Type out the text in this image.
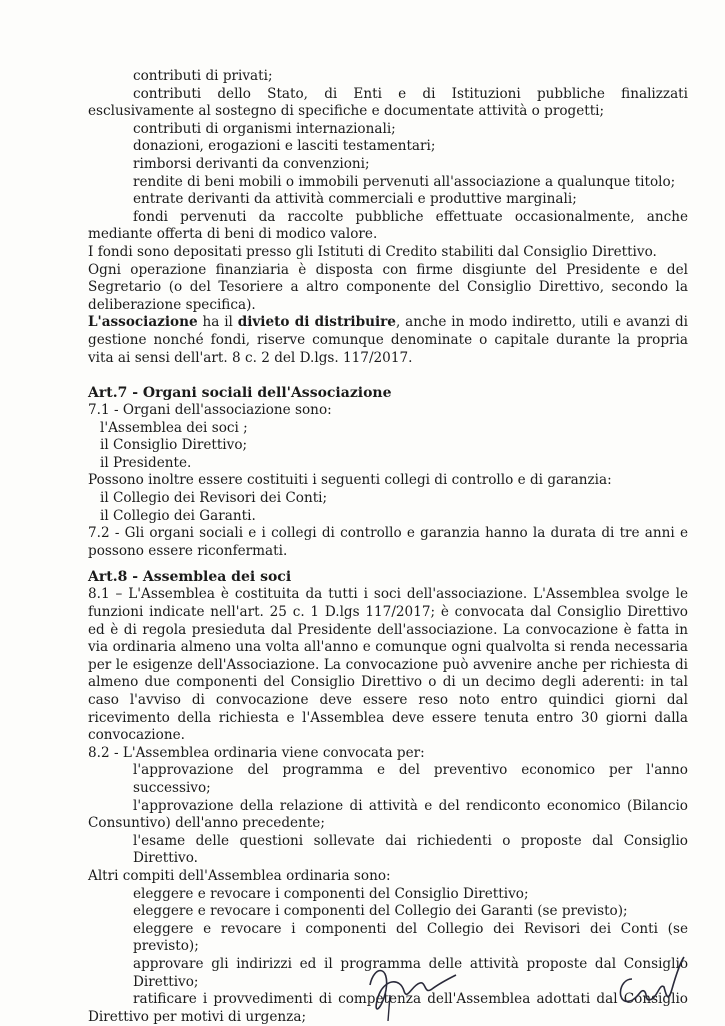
contributi di privati;

contributi dello Stato, di Enti e di Istituzioni pubbliche finalizzati esclusivamente al sostegno di specifiche e documentate attività o progetti;

contributi di organismi internazionali;

donazioni, erogazioni e lasciti testamentari;

rimborsi derivanti da convenzioni;

rendite di beni mobili o immobili pervenuti all'associazione a qualunque titolo;

entrate derivanti da attività commerciali e produttive marginali;

fondi pervenuti da raccolte pubbliche effettuate occasionalmente, anche mediante offerta di beni di modico valore.

I fondi sono depositati presso gli Istituti di Credito stabiliti dal Consiglio Direttivo.

Ogni operazione finanziaria è disposta con firme disgiunte del Presidente e del Segretario (o del Tesoriere a altro componente del Consiglio Direttivo, secondo la deliberazione specifica).

L'associazione ha il divieto di distribuire, anche in modo indiretto, utili e avanzi di gestione nonché fondi, riserve comunque denominate o capitale durante la propria vita ai sensi dell'art. 8 c. 2 del D.lgs. 117/2017.

Art.7 - Organi sociali dell'Associazione

7.1 - Organi dell'associazione sono:

l'Assemblea dei soci ;

il Consiglio Direttivo;

il Presidente.

Possono inoltre essere costituiti i seguenti collegi di controllo e di garanzia:

il Collegio dei Revisori dei Conti;

il Collegio dei Garanti.

7.2 - Gli organi sociali e i collegi di controllo e garanzia hanno la durata di tre anni e possono essere riconfermati.

Art.8 - Assemblea dei soci

8.1 – L'Assemblea è costituita da tutti i soci dell'associazione. L'Assemblea svolge le funzioni indicate nell'art. 25 c. 1 D.lgs 117/2017; è convocata dal Consiglio Direttivo ed è di regola presieduta dal Presidente dell'associazione. La convocazione è fatta in via ordinaria almeno una volta all'anno e comunque ogni qualvolta si renda necessaria per le esigenze dell'Associazione. La convocazione può avvenire anche per richiesta di almeno due componenti del Consiglio Direttivo o di un decimo degli aderenti: in tal caso l'avviso di convocazione deve essere reso noto entro quindici giorni dal ricevimento della richiesta e l'Assemblea deve essere tenuta entro 30 giorni dalla convocazione.

8.2 - L'Assemblea ordinaria viene convocata per:

l'approvazione del programma e del preventivo economico per l'anno successivo;

l'approvazione della relazione di attività e del rendiconto economico (Bilancio Consuntivo) dell'anno precedente;

l'esame delle questioni sollevate dai richiedenti o proposte dal Consiglio Direttivo.

Altri compiti dell'Assemblea ordinaria sono:

eleggere e revocare i componenti del Consiglio Direttivo;

eleggere e revocare i componenti del Collegio dei Garanti (se previsto);

eleggere e revocare i componenti del Collegio dei Revisori dei Conti (se previsto);

approvare gli indirizzi ed il programma delle attività proposte dal Consiglio Direttivo;

ratificare i provvedimenti di competenza dell'Assemblea adottati dal Consiglio Direttivo per motivi di urgenza;
